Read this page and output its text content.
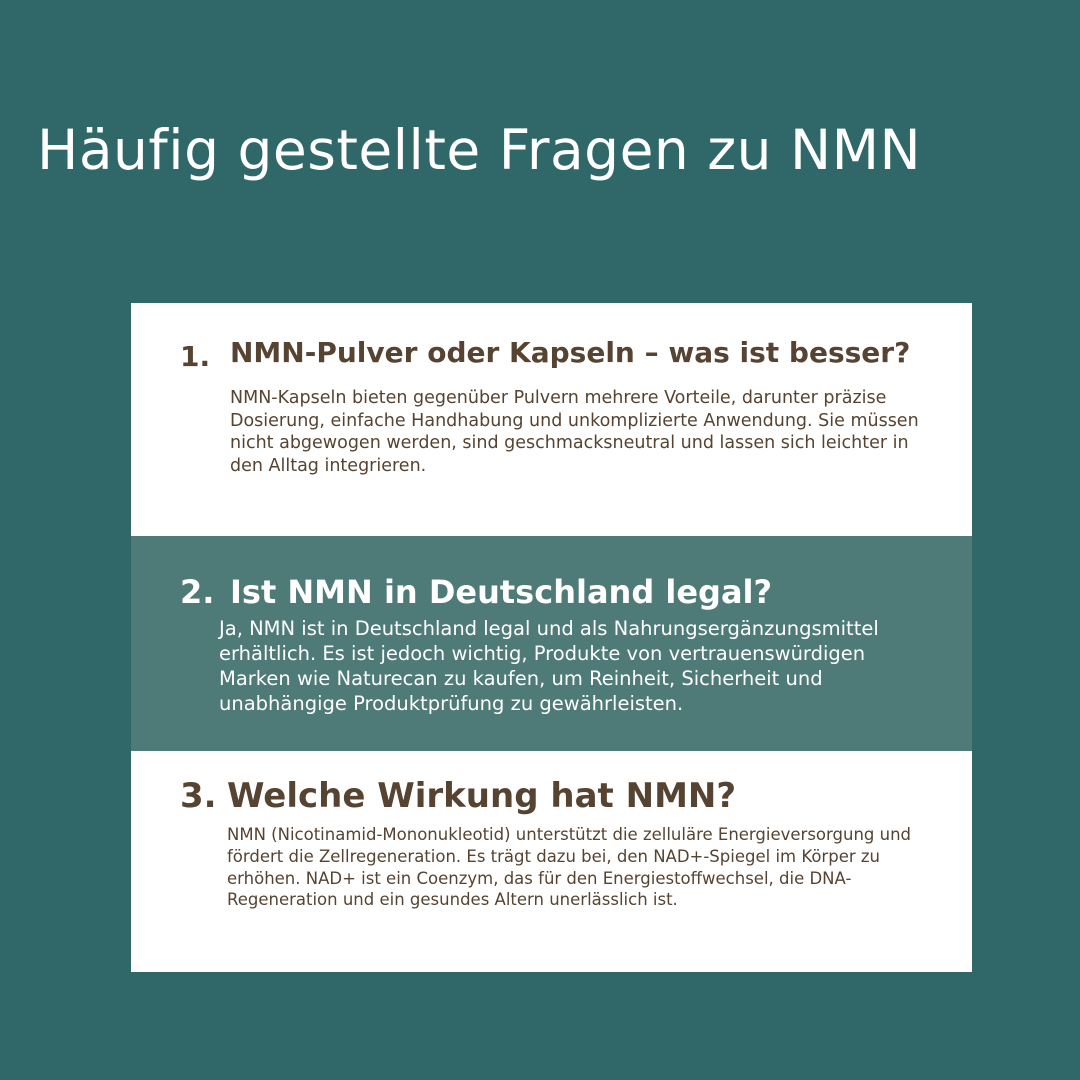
Häufig gestellte Fragen zu NMN

1. NMN-Pulver oder Kapseln – was ist besser?

NMN-Kapseln bieten gegenüber Pulvern mehrere Vorteile, darunter präzise Dosierung, einfache Handhabung und unkomplizierte Anwendung. Sie müssen nicht abgewogen werden, sind geschmacksneutral und lassen sich leichter in den Alltag integrieren.

2. Ist NMN in Deutschland legal?

Ja, NMN ist in Deutschland legal und als Nahrungsergänzungsmittel erhältlich. Es ist jedoch wichtig, Produkte von vertrauenswürdigen Marken wie Naturecan zu kaufen, um Reinheit, Sicherheit und unabhängige Produktprüfung zu gewährleisten.

3. Welche Wirkung hat NMN?

NMN (Nicotinamid-Mononukleotid) unterstützt die zelluläre Energieversorgung und fördert die Zellregeneration. Es trägt dazu bei, den NAD+-Spiegel im Körper zu erhöhen. NAD+ ist ein Coenzym, das für den Energiestoffwechsel, die DNA-Regeneration und ein gesundes Altern unerlässlich ist.
